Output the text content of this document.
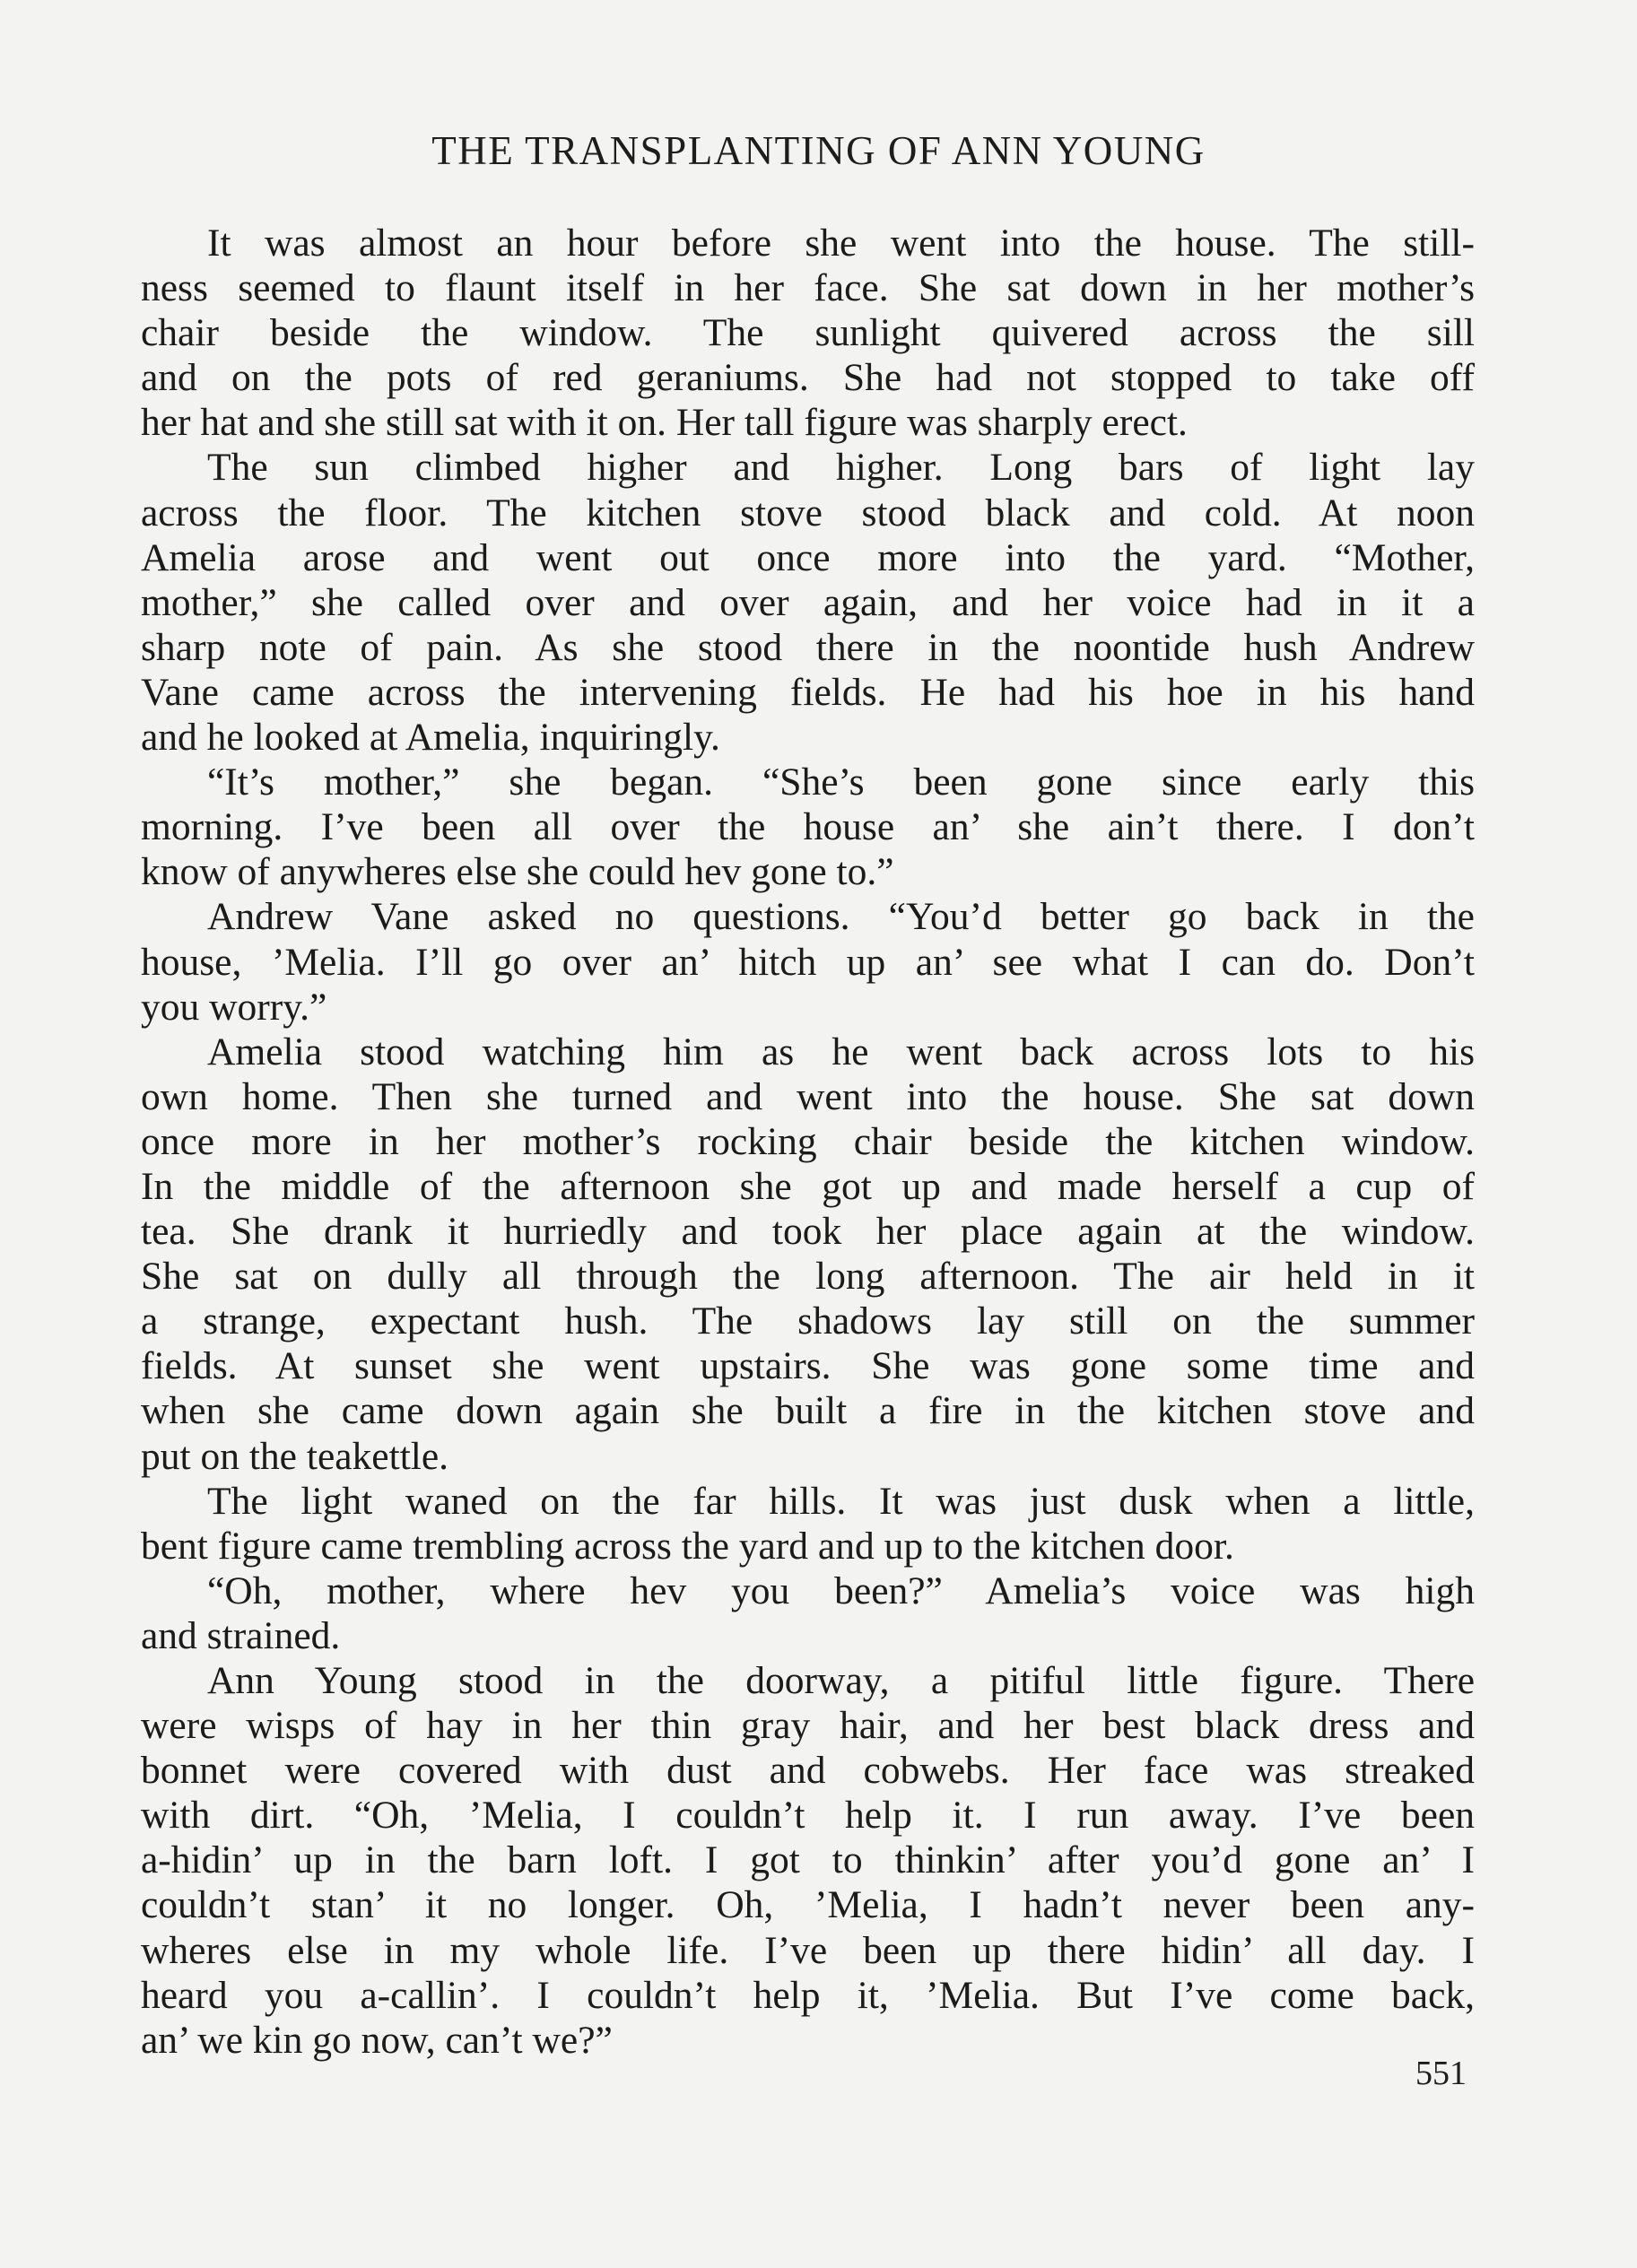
THE TRANSPLANTING OF ANN YOUNG
It was almost an hour before she went into the house. The still-
ness seemed to flaunt itself in her face. She sat down in her mother’s
chair beside the window. The sunlight quivered across the sill
and on the pots of red geraniums. She had not stopped to take off
her hat and she still sat with it on. Her tall figure was sharply erect.
The sun climbed higher and higher. Long bars of light lay
across the floor. The kitchen stove stood black and cold. At noon
Amelia arose and went out once more into the yard. “Mother,
mother,” she called over and over again, and her voice had in it a
sharp note of pain. As she stood there in the noontide hush Andrew
Vane came across the intervening fields. He had his hoe in his hand
and he looked at Amelia, inquiringly.
“It’s mother,” she began. “She’s been gone since early this
morning. I’ve been all over the house an’ she ain’t there. I don’t
know of anywheres else she could hev gone to.”
Andrew Vane asked no questions. “You’d better go back in the
house, ’Melia. I’ll go over an’ hitch up an’ see what I can do. Don’t
you worry.”
Amelia stood watching him as he went back across lots to his
own home. Then she turned and went into the house. She sat down
once more in her mother’s rocking chair beside the kitchen window.
In the middle of the afternoon she got up and made herself a cup of
tea. She drank it hurriedly and took her place again at the window.
She sat on dully all through the long afternoon. The air held in it
a strange, expectant hush. The shadows lay still on the summer
fields. At sunset she went upstairs. She was gone some time and
when she came down again she built a fire in the kitchen stove and
put on the teakettle.
The light waned on the far hills. It was just dusk when a little,
bent figure came trembling across the yard and up to the kitchen door.
“Oh, mother, where hev you been?” Amelia’s voice was high
and strained.
Ann Young stood in the doorway, a pitiful little figure. There
were wisps of hay in her thin gray hair, and her best black dress and
bonnet were covered with dust and cobwebs. Her face was streaked
with dirt. “Oh, ’Melia, I couldn’t help it. I run away. I’ve been
a-hidin’ up in the barn loft. I got to thinkin’ after you’d gone an’ I
couldn’t stan’ it no longer. Oh, ’Melia, I hadn’t never been any-
wheres else in my whole life. I’ve been up there hidin’ all day. I
heard you a-callin’. I couldn’t help it, ’Melia. But I’ve come back,
an’ we kin go now, can’t we?”
551
